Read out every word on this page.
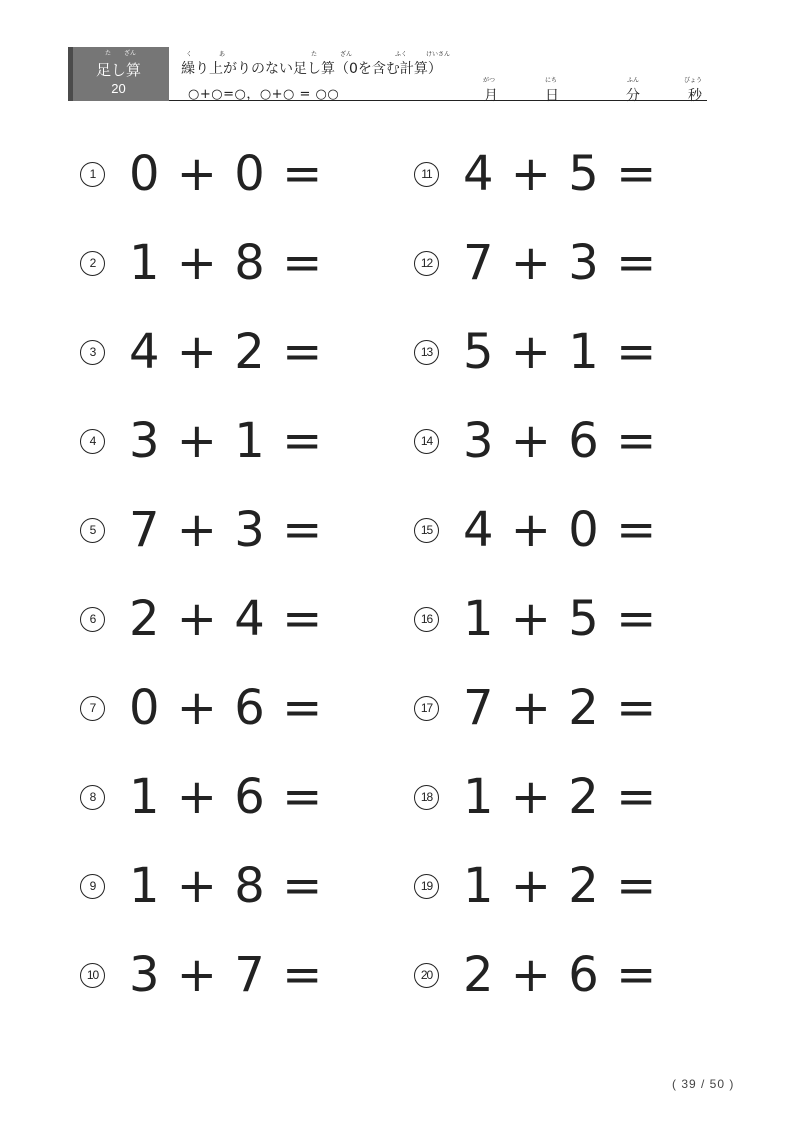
た ざん
足し算
20
く	あ	た	ざん	ふく	けいさん
繰り上がりのない足し算（0を含む計算）
○+○=○，○+○ = ○○
がつ
月
にち
日
ふん
分
びょう
秒
1 0 + 0 =
2 1 + 8 =
3 4 + 2 =
4 3 + 1 =
5 7 + 3 =
6 2 + 4 =
7 0 + 6 =
8 1 + 6 =
9 1 + 8 =
10 3 + 7 =
11 4 + 5 =
12 7 + 3 =
13 5 + 1 =
14 3 + 6 =
15 4 + 0 =
16 1 + 5 =
17 7 + 2 =
18 1 + 2 =
19 1 + 2 =
20 2 + 6 =
( 39 / 50 )
